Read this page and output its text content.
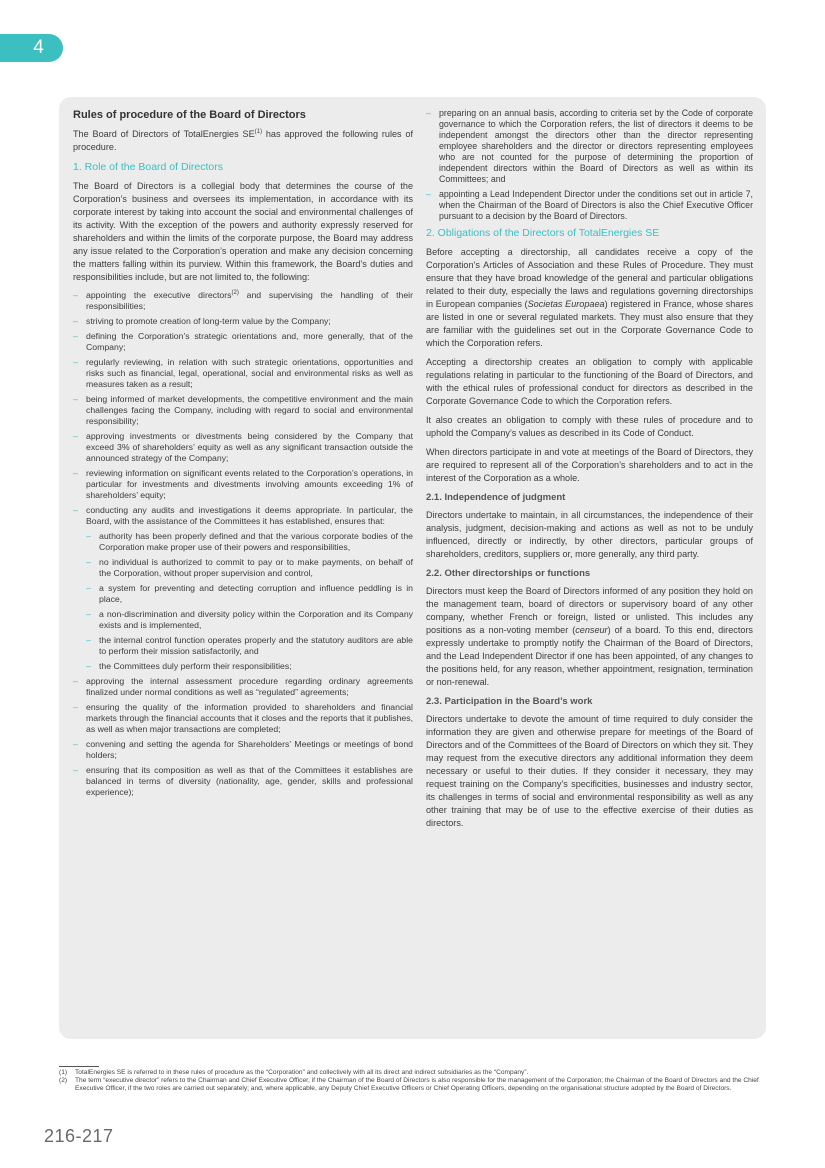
4
Rules of procedure of the Board of Directors

The Board of Directors of TotalEnergies SE$^{(1)}$ has approved the following rules of procedure.

1. Role of the Board of Directors

The Board of Directors is a collegial body that determines the course of the Corporation’s business and oversees its implementation, in accordance with its corporate interest by taking into account the social and environmental challenges of its activity. With the exception of the powers and authority expressly reserved for shareholders and within the limits of the corporate purpose, the Board may address any issue related to the Corporation’s operation and make any decision concerning the matters falling within its purview. Within this framework, the Board’s duties and responsibilities include, but are not limited to, the following:

– appointing the executive directors$^{(2)}$ and supervising the handling of their responsibilities;
– striving to promote creation of long-term value by the Company;
– defining the Corporation’s strategic orientations and, more generally, that of the Company;
– regularly reviewing, in relation with such strategic orientations, opportunities and risks such as financial, legal, operational, social and environmental risks as well as measures taken as a result;
– being informed of market developments, the competitive environment and the main challenges facing the Company, including with regard to social and environmental responsibility;
– approving investments or divestments being considered by the Company that exceed 3% of shareholders’ equity as well as any significant transaction outside the announced strategy of the Company;
– reviewing information on significant events related to the Corporation’s operations, in particular for investments and divestments involving amounts exceeding 1% of shareholders’ equity;
– conducting any audits and investigations it deems appropriate. In particular, the Board, with the assistance of the Committees it has established, ensures that:
– authority has been properly defined and that the various corporate bodies of the Corporation make proper use of their powers and responsibilities,
– no individual is authorized to commit to pay or to make payments, on behalf of the Corporation, without proper supervision and control,
– a system for preventing and detecting corruption and influence peddling is in place,
– a non-discrimination and diversity policy within the Corporation and its Company exists and is implemented,
– the internal control function operates properly and the statutory auditors are able to perform their mission satisfactorily, and
– the Committees duly perform their responsibilities;
– approving the internal assessment procedure regarding ordinary agreements finalized under normal conditions as well as “regulated” agreements;
– ensuring the quality of the information provided to shareholders and financial markets through the financial accounts that it closes and the reports that it publishes, as well as when major transactions are completed;
– convening and setting the agenda for Shareholders’ Meetings or meetings of bond holders;
– ensuring that its composition as well as that of the Committees it establishes are balanced in terms of diversity (nationality, age, gender, skills and professional experience);
– preparing on an annual basis, according to criteria set by the Code of corporate governance to which the Corporation refers, the list of directors it deems to be independent amongst the directors other than the director representing employee shareholders and the director or directors representing employees who are not counted for the purpose of determining the proportion of independent directors within the Board of Directors as well as within its Committees; and
– appointing a Lead Independent Director under the conditions set out in article 7, when the Chairman of the Board of Directors is also the Chief Executive Officer pursuant to a decision by the Board of Directors.
2. Obligations of the Directors of TotalEnergies SE

Before accepting a directorship, all candidates receive a copy of the Corporation’s Articles of Association and these Rules of Procedure. They must ensure that they have broad knowledge of the general and particular obligations related to their duty, especially the laws and regulations governing directorships in European companies (Societas Europaea) registered in France, whose shares are listed in one or several regulated markets. They must also ensure that they are familiar with the guidelines set out in the Corporate Governance Code to which the Corporation refers.

Accepting a directorship creates an obligation to comply with applicable regulations relating in particular to the functioning of the Board of Directors, and with the ethical rules of professional conduct for directors as described in the Corporate Governance Code to which the Corporation refers.

It also creates an obligation to comply with these rules of procedure and to uphold the Company’s values as described in its Code of Conduct.

When directors participate in and vote at meetings of the Board of Directors, they are required to represent all of the Corporation’s shareholders and to act in the interest of the Corporation as a whole.

2.1. Independence of judgment

Directors undertake to maintain, in all circumstances, the independence of their analysis, judgment, decision-making and actions as well as not to be unduly influenced, directly or indirectly, by other directors, particular groups of shareholders, creditors, suppliers or, more generally, any third party.

2.2. Other directorships or functions

Directors must keep the Board of Directors informed of any position they hold on the management team, board of directors or supervisory board of any other company, whether French or foreign, listed or unlisted. This includes any positions as a non-voting member (censeur) of a board. To this end, directors expressly undertake to promptly notify the Chairman of the Board of Directors, and the Lead Independent Director if one has been appointed, of any changes to the positions held, for any reason, whether appointment, resignation, termination or non-renewal.

2.3. Participation in the Board’s work

Directors undertake to devote the amount of time required to duly consider the information they are given and otherwise prepare for meetings of the Board of Directors and of the Committees of the Board of Directors on which they sit. They may request from the executive directors any additional information they deem necessary or useful to their duties. If they consider it necessary, they may request training on the Company’s specificities, businesses and industry sector, its challenges in terms of social and environmental responsibility as well as any other training that may be of use to the effective exercise of their duties as directors.

(1)	TotalEnergies SE is referred to in these rules of procedure as the “Corporation” and collectively with all its direct and indirect subsidiaries as the “Company”.
(2)	The term “executive director” refers to the Chairman and Chief Executive Officer, if the Chairman of the Board of Directors is also responsible for the management of the Corporation; the Chairman of the Board of Directors and the Chief Executive Officer, if the two roles are carried out separately; and, where applicable, any Deputy Chief Executive Officers or Chief Operating Officers, depending on the organisational structure adopted by the Board of Directors.
216-217
